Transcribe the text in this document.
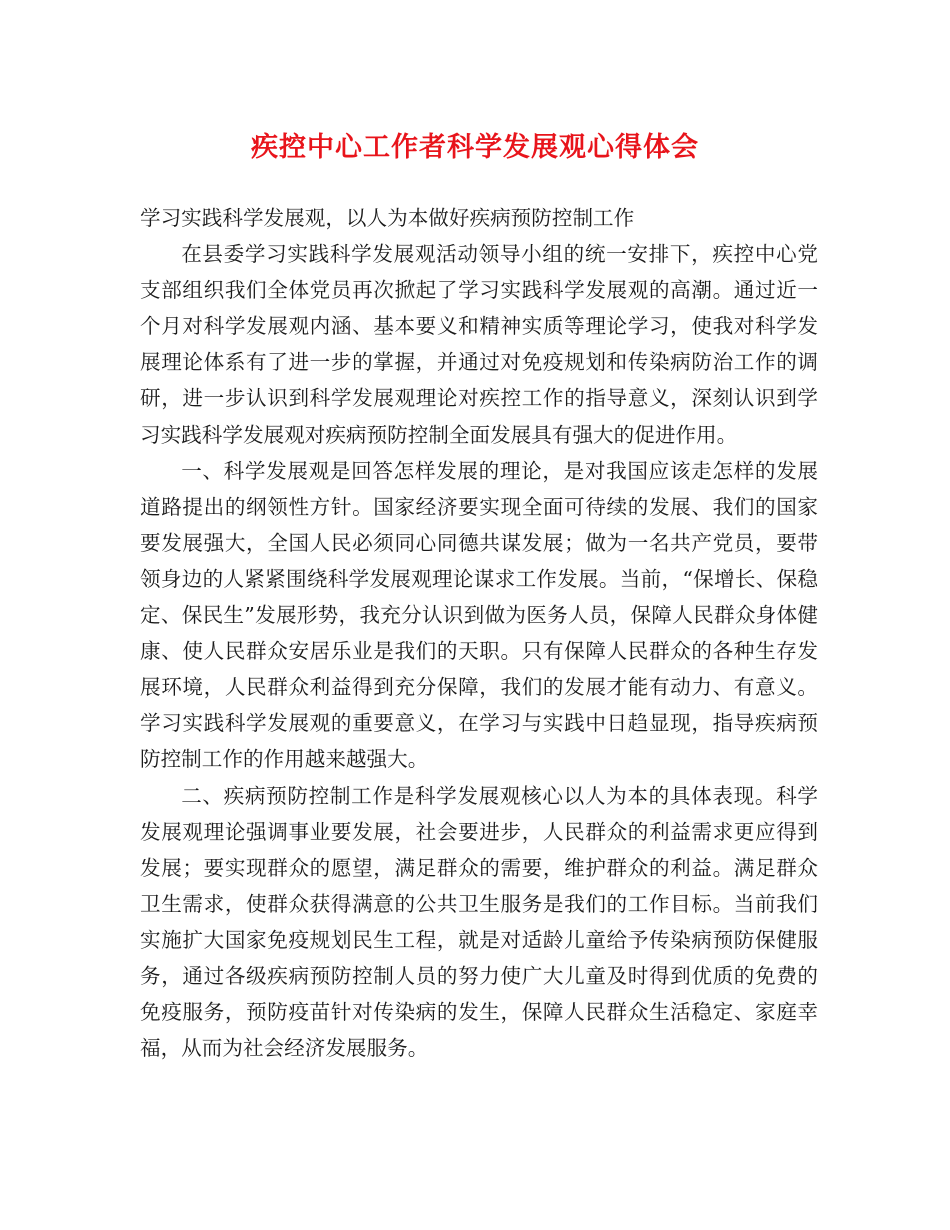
疾控中心工作者科学发展观心得体会

学习实践科学发展观，以人为本做好疾病预防控制工作

在县委学习实践科学发展观活动领导小组的统一安排下，疾控中心党支部组织我们全体党员再次掀起了学习实践科学发展观的高潮。通过近一个月对科学发展观内涵、基本要义和精神实质等理论学习，使我对科学发展理论体系有了进一步的掌握，并通过对免疫规划和传染病防治工作的调研，进一步认识到科学发展观理论对疾控工作的指导意义，深刻认识到学习实践科学发展观对疾病预防控制全面发展具有强大的促进作用。

一、科学发展观是回答怎样发展的理论，是对我国应该走怎样的发展道路提出的纲领性方针。国家经济要实现全面可待续的发展、我们的国家要发展强大，全国人民必须同心同德共谋发展；做为一名共产党员，要带领身边的人紧紧围绕科学发展观理论谋求工作发展。当前，“保增长、保稳定、保民生”发展形势，我充分认识到做为医务人员，保障人民群众身体健康、使人民群众安居乐业是我们的天职。只有保障人民群众的各种生存发展环境，人民群众利益得到充分保障，我们的发展才能有动力、有意义。学习实践科学发展观的重要意义，在学习与实践中日趋显现，指导疾病预防控制工作的作用越来越强大。

二、疾病预防控制工作是科学发展观核心以人为本的具体表现。科学发展观理论强调事业要发展，社会要进步，人民群众的利益需求更应得到发展；要实现群众的愿望，满足群众的需要，维护群众的利益。满足群众卫生需求，使群众获得满意的公共卫生服务是我们的工作目标。当前我们实施扩大国家免疫规划民生工程，就是对适龄儿童给予传染病预防保健服务，通过各级疾病预防控制人员的努力使广大儿童及时得到优质的免费的免疫服务，预防疫苗针对传染病的发生，保障人民群众生活稳定、家庭幸福，从而为社会经济发展服务。
